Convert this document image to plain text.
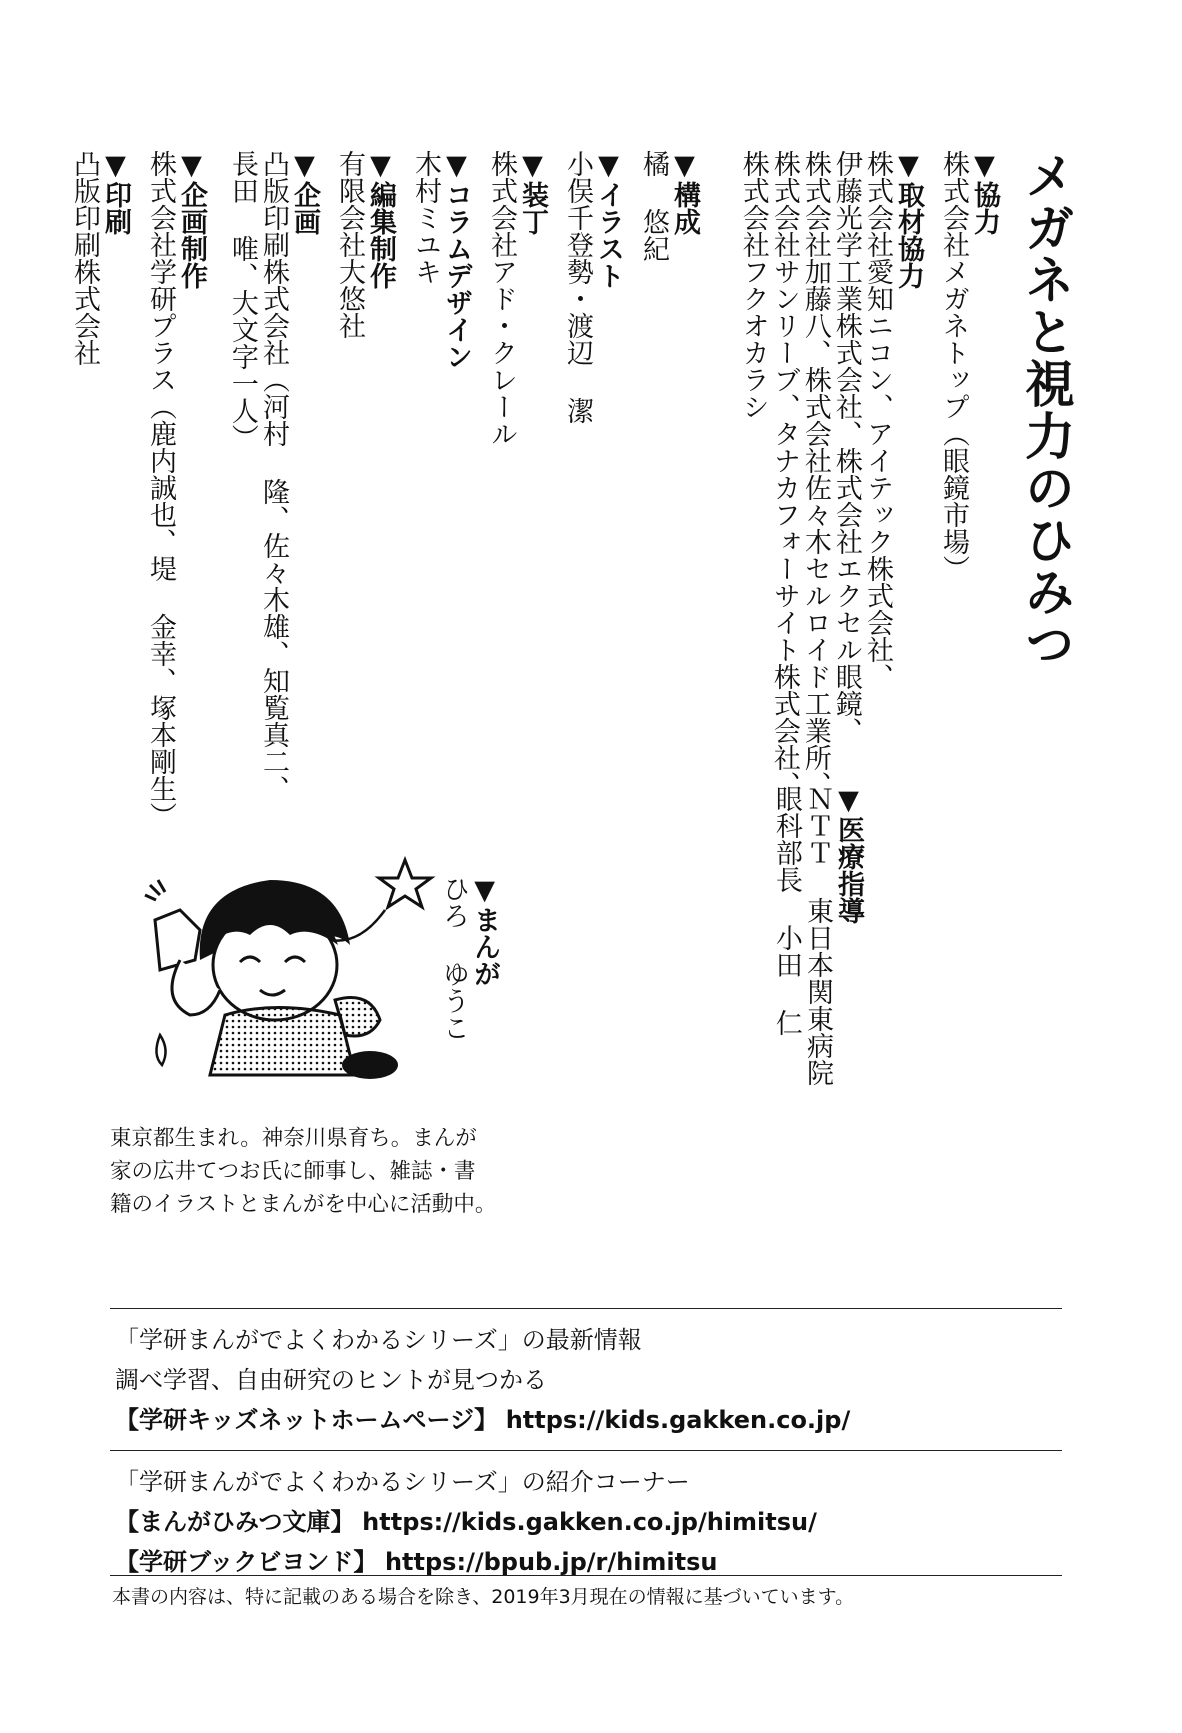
メガネと視力のひみつ
▼協力
株式会社メガネトップ（眼鏡市場）
▼取材協力
株式会社愛知ニコン、アイテック株式会社、
伊藤光学工業株式会社、株式会社エクセル眼鏡、
株式会社加藤八、株式会社佐々木セルロイド工業所、
株式会社サンリーブ、タナカフォーサイト株式会社、
株式会社フクオカラシ
▼構成
橘 悠紀
▼イラスト
小俣千登勢・渡辺 潔
▼装丁
株式会社アド・クレール
▼コラムデザイン
木村ミユキ
▼編集制作
有限会社大悠社
▼企画
凸版印刷株式会社（河村 隆、佐々木雄、知覧真二、
長田 唯、大文字一人）
▼企画制作
株式会社学研プラス（鹿内誠也、堤 金幸、塚本剛生）
▼印刷
凸版印刷株式会社
▼医療指導
ＮＴＴ 東日本関東病院
眼科部長 小田 仁
▼まんが
ひろ ゆうこ
東京都生まれ。神奈川県育ち。まんが
家の広井てつお氏に師事し、雑誌・書
籍のイラストとまんがを中心に活動中。
「学研まんがでよくわかるシリーズ」の最新情報
調べ学習、自由研究のヒントが見つかる
【学研キッズネットホームページ】 https://kids.gakken.co.jp/
「学研まんがでよくわかるシリーズ」の紹介コーナー
【まんがひみつ文庫】 https://kids.gakken.co.jp/himitsu/
【学研ブックビヨンド】 https://bpub.jp/r/himitsu
本書の内容は、特に記載のある場合を除き、2019年3月現在の情報に基づいています。
